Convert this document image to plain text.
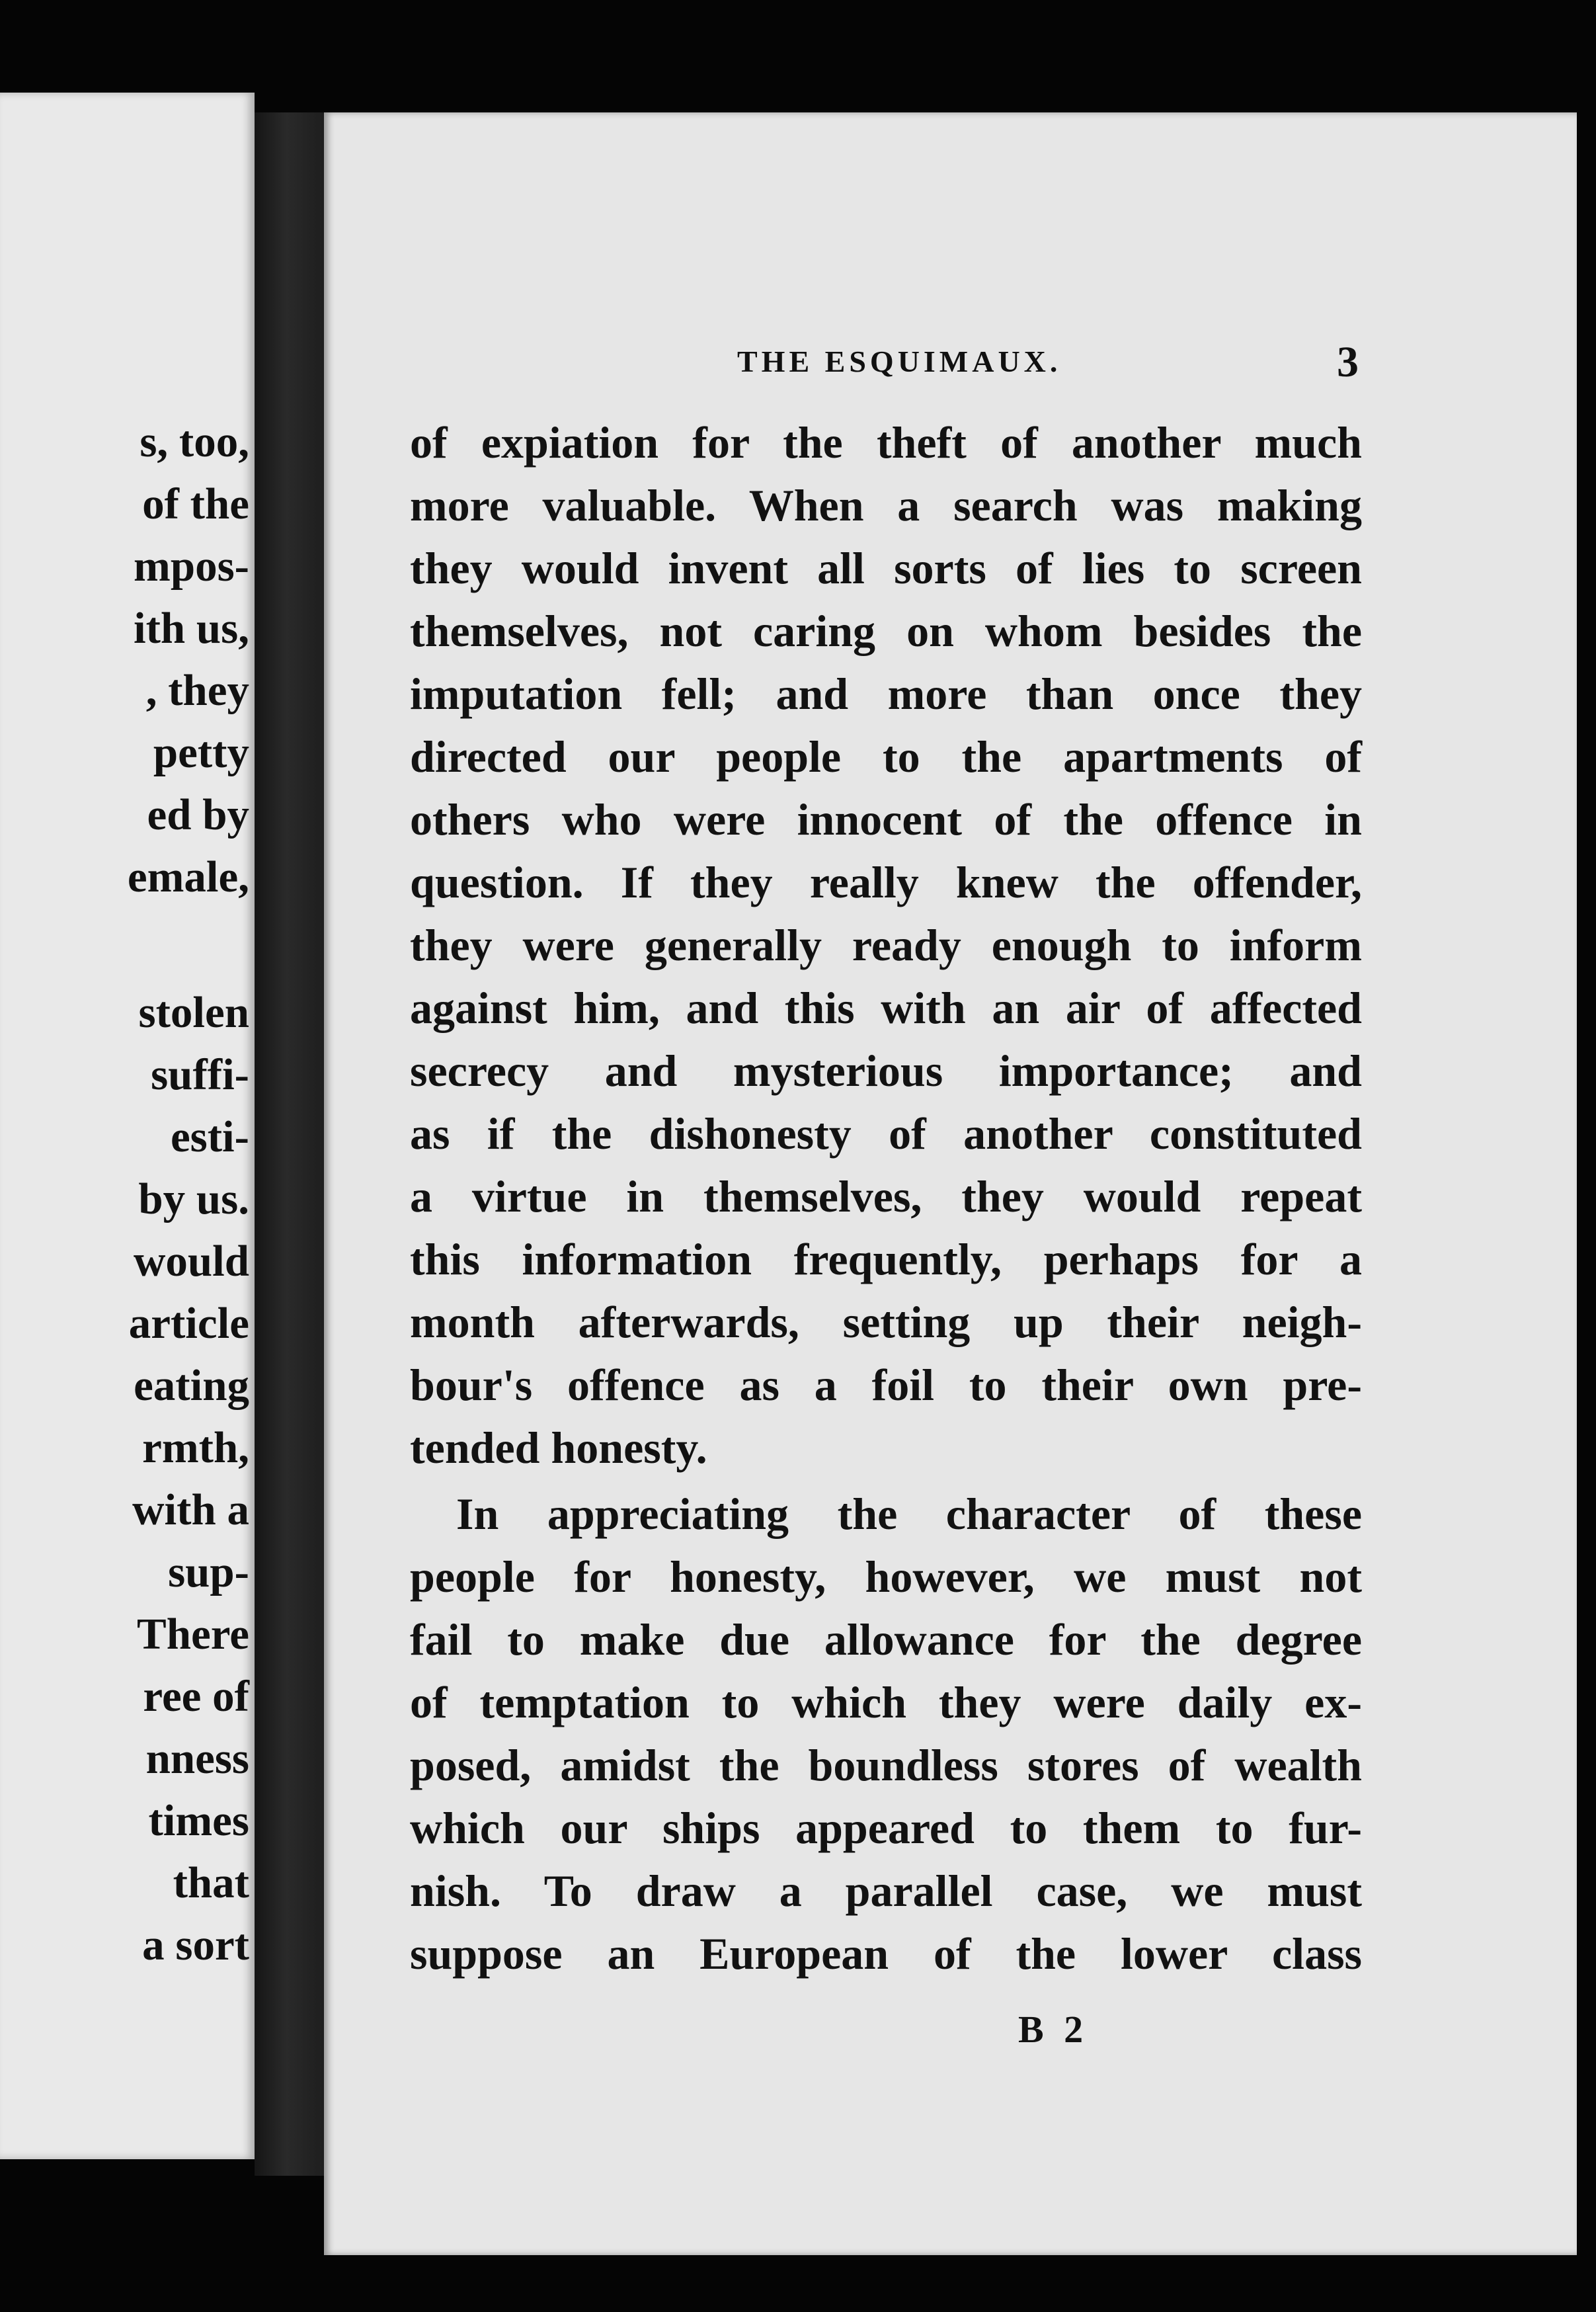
s, too,
of the
mpos-
ith us,
, they
petty
ed by
emale,
stolen
suffi-
esti-
by us.
would
article
eating
rmth,
with a
sup-
There
ree of
nness
times
that
a sort
THE ESQUIMAUX.	3
of expiation for the theft of another much
more valuable. When a search was making
they would invent all sorts of lies to screen
themselves, not caring on whom besides the
imputation fell; and more than once they
directed our people to the apartments of
others who were innocent of the offence in
question. If they really knew the offender,
they were generally ready enough to inform
against him, and this with an air of affected
secrecy and mysterious importance; and
as if the dishonesty of another constituted
a virtue in themselves, they would repeat
this information frequently, perhaps for a
month afterwards, setting up their neigh-
bour's offence as a foil to their own pre-
tended honesty.
In appreciating the character of these
people for honesty, however, we must not
fail to make due allowance for the degree
of temptation to which they were daily ex-
posed, amidst the boundless stores of wealth
which our ships appeared to them to fur-
nish. To draw a parallel case, we must
suppose an European of the lower class
B 2
